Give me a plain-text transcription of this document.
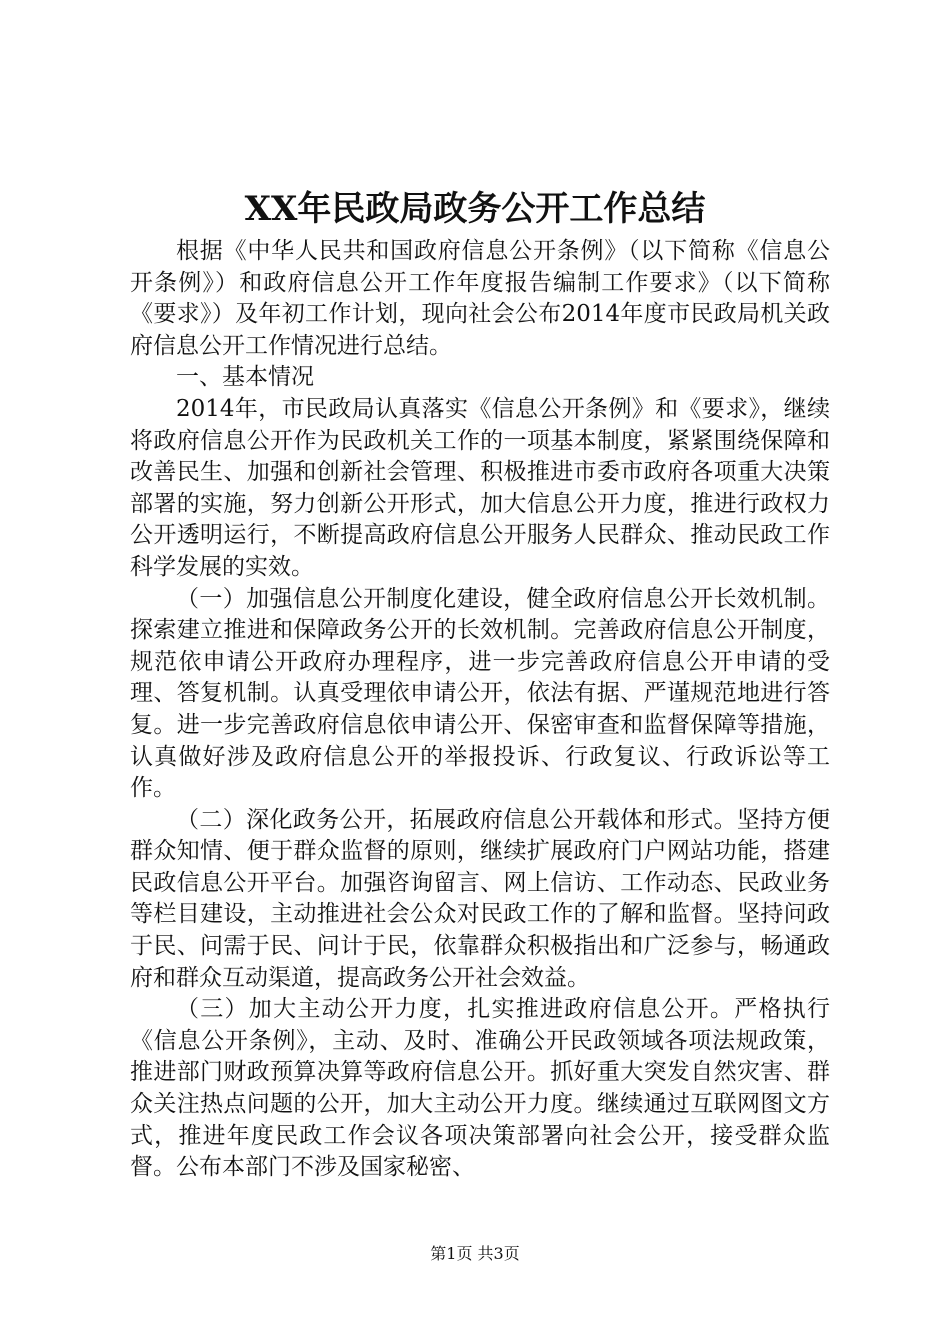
XX年民政局政务公开工作总结

根据《中华人民共和国政府信息公开条例》（以下简称《信息公开条例》）和政府信息公开工作年度报告编制工作要求》（以下简称《要求》）及年初工作计划，现向社会公布2014年度市民政局机关政府信息公开工作情况进行总结。

一、基本情况

2014年，市民政局认真落实《信息公开条例》和《要求》，继续将政府信息公开作为民政机关工作的一项基本制度，紧紧围绕保障和改善民生、加强和创新社会管理、积极推进市委市政府各项重大决策部署的实施，努力创新公开形式，加大信息公开力度，推进行政权力公开透明运行，不断提高政府信息公开服务人民群众、推动民政工作科学发展的实效。

（一）加强信息公开制度化建设，健全政府信息公开长效机制。探索建立推进和保障政务公开的长效机制。完善政府信息公开制度，规范依申请公开政府办理程序，进一步完善政府信息公开申请的受理、答复机制。认真受理依申请公开，依法有据、严谨规范地进行答复。进一步完善政府信息依申请公开、保密审查和监督保障等措施，认真做好涉及政府信息公开的举报投诉、行政复议、行政诉讼等工作。

（二）深化政务公开，拓展政府信息公开载体和形式。坚持方便群众知情、便于群众监督的原则，继续扩展政府门户网站功能，搭建民政信息公开平台。加强咨询留言、网上信访、工作动态、民政业务等栏目建设，主动推进社会公众对民政工作的了解和监督。坚持问政于民、问需于民、问计于民，依靠群众积极指出和广泛参与，畅通政府和群众互动渠道，提高政务公开社会效益。

（三）加大主动公开力度，扎实推进政府信息公开。严格执行《信息公开条例》，主动、及时、准确公开民政领域各项法规政策，推进部门财政预算决算等政府信息公开。抓好重大突发自然灾害、群众关注热点问题的公开，加大主动公开力度。继续通过互联网图文方式，推进年度民政工作会议各项决策部署向社会公开，接受群众监督。公布本部门不涉及国家秘密、

第1页 共3页
